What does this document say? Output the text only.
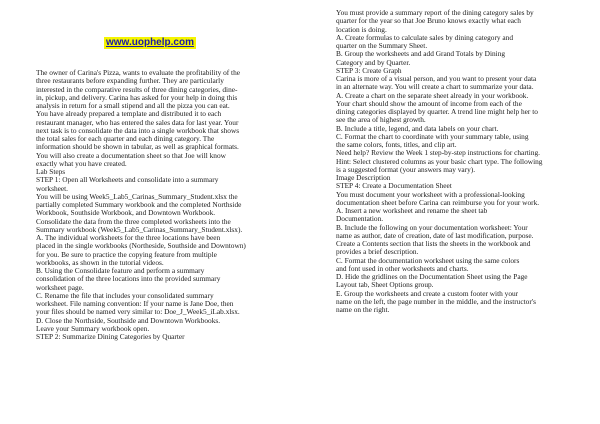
www.uophelp.com
The owner of Carina's Pizza, wants to evaluate the profitability of the
three restaurants before expanding further. They are particularly
interested in the comparative results of three dining categories, dine-
in, pickup, and delivery. Carina has asked for your help in doing this
analysis in return for a small stipend and all the pizza you can eat.
You have already prepared a template and distributed it to each
restaurant manager, who has entered the sales data for last year. Your
next task is to consolidate the data into a single workbook that shows
the total sales for each quarter and each dining category. The
information should be shown in tabular, as well as graphical formats.
You will also create a documentation sheet so that Joe will know
exactly what you have created.
Lab Steps
STEP 1: Open all Worksheets and consolidate into a summary
worksheet.
You will be using Week5_Lab5_Carinas_Summary_Student.xlsx the
partially completed Summary workbook and the completed Northside
Workbook, Southside Workbook, and Downtown Workbook.
Consolidate the data from the three completed worksheets into the
Summary workbook (Week5_Lab5_Carinas_Summary_Student.xlsx).
A. The individual worksheets for the three locations have been
placed in the single workbooks (Northeside, Southside and Downtown)
for you. Be sure to practice the copying feature from multiple
workbooks, as shown in the tutorial videos.
B. Using the Consolidate feature and perform a summary
consolidation of the three locations into the provided summary
worksheet page.
C. Rename the file that includes your consolidated summary
worksheet. File naming convention: If your name is Jane Doe, then
your files should be named very similar to: Doe_J_Week5_iLab.xlsx.
D. Close the Northside, Southside and Downtown Workbooks.
Leave your Summary workbook open.
STEP 2: Summarize Dining Categories by Quarter
You must provide a summary report of the dining category sales by
quarter for the year so that Joe Bruno knows exactly what each
location is doing.
A. Create formulas to calculate sales by dining category and
quarter on the Summary Sheet.
B. Group the worksheets and add Grand Totals by Dining
Category and by Quarter.
STEP 3: Create Graph
Carina is more of a visual person, and you want to present your data
in an alternate way. You will create a chart to summarize your data.
A. Create a chart on the separate sheet already in your workbook.
Your chart should show the amount of income from each of the
dining categories displayed by quarter. A trend line might help her to
see the area of highest growth.
B. Include a title, legend, and data labels on your chart.
C. Format the chart to coordinate with your summary table, using
the same colors, fonts, titles, and clip art.
Need help? Review the Week 1 step-by-step instructions for charting.
Hint: Select clustered columns as your basic chart type. The following
is a suggested format (your answers may vary).
Image Description
STEP 4: Create a Documentation Sheet
You must document your worksheet with a professional-looking
documentation sheet before Carina can reimburse you for your work.
A. Insert a new worksheet and rename the sheet tab
Documentation.
B. Include the following on your documentation worksheet: Your
name as author, date of creation, date of last modification, purpose.
Create a Contents section that lists the sheets in the workbook and
provides a brief description.
C. Format the documentation worksheet using the same colors
and font used in other worksheets and charts.
D. Hide the gridlines on the Documentation Sheet using the Page
Layout tab, Sheet Options group.
E. Group the worksheets and create a custom footer with your
name on the left, the page number in the middle, and the instructor's
name on the right.
